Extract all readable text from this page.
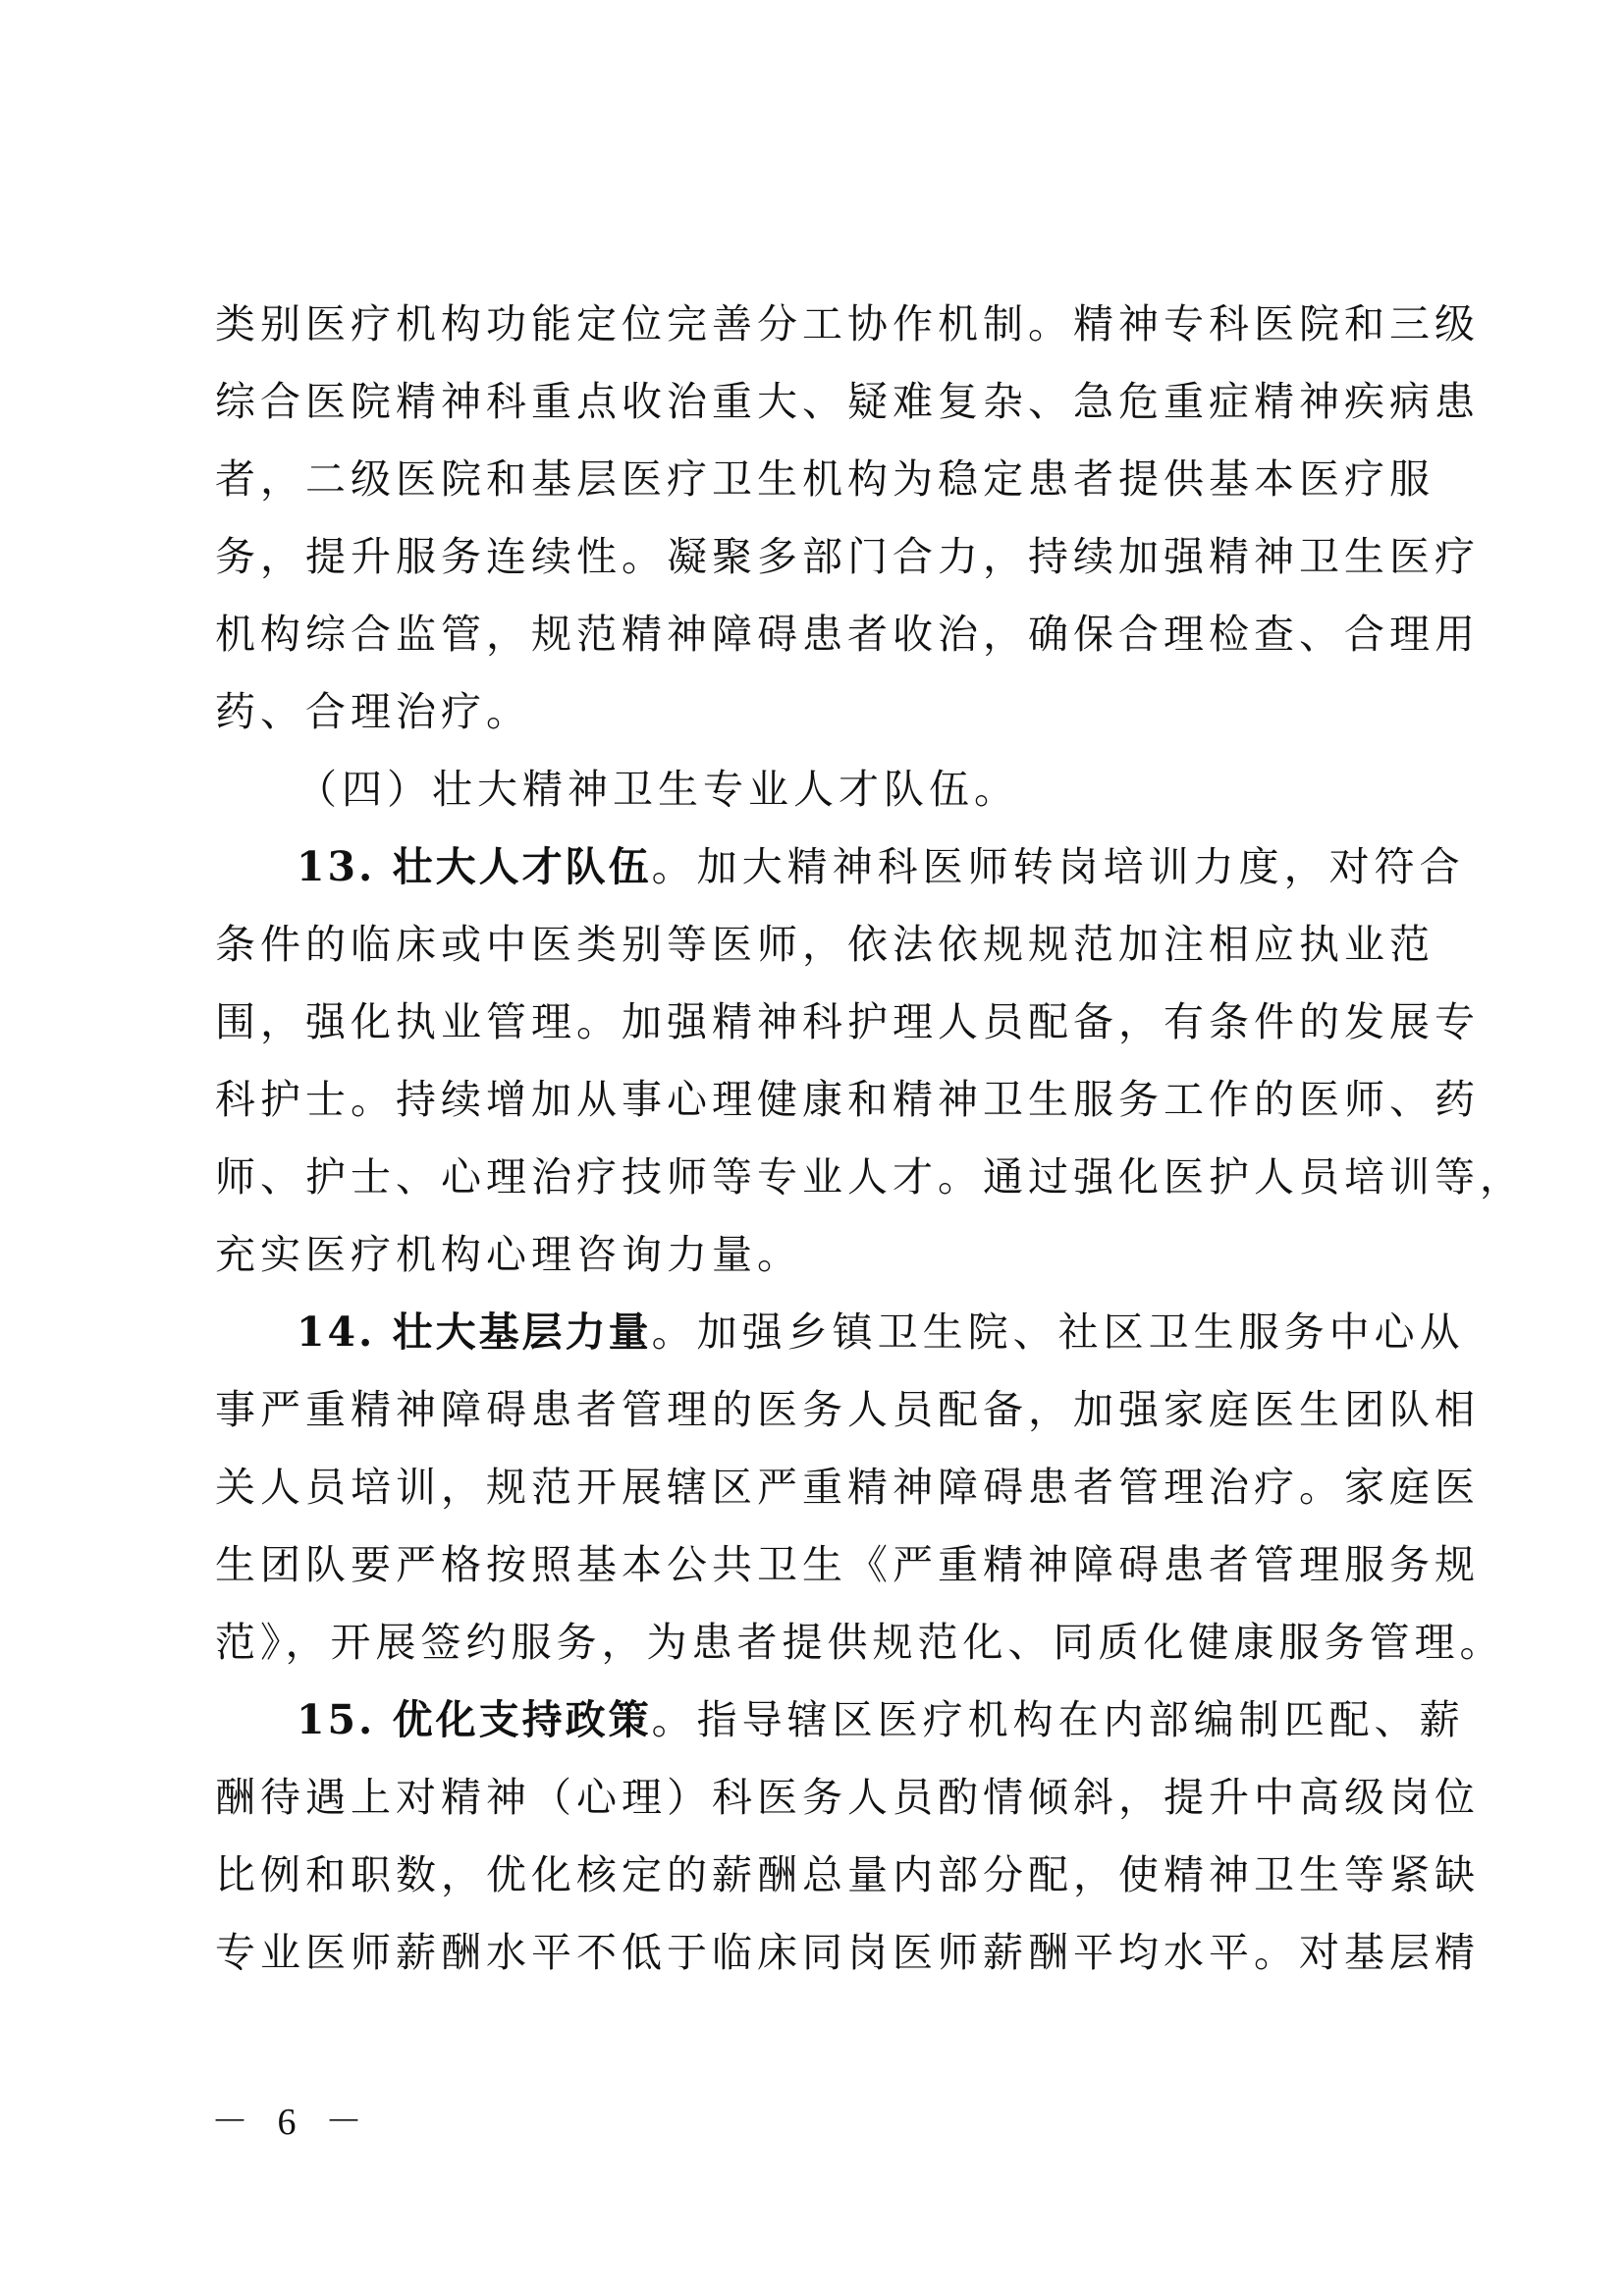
类别医疗机构功能定位完善分工协作机制。精神专科医院和三级
综合医院精神科重点收治重大、疑难复杂、急危重症精神疾病患
者，二级医院和基层医疗卫生机构为稳定患者提供基本医疗服
务，提升服务连续性。凝聚多部门合力，持续加强精神卫生医疗
机构综合监管，规范精神障碍患者收治，确保合理检查、合理用
药、合理治疗。
（四）壮大精神卫生专业人才队伍。
13. 壮大人才队伍。加大精神科医师转岗培训力度，对符合
条件的临床或中医类别等医师，依法依规规范加注相应执业范
围，强化执业管理。加强精神科护理人员配备，有条件的发展专
科护士。持续增加从事心理健康和精神卫生服务工作的医师、药
师、护士、心理治疗技师等专业人才。通过强化医护人员培训等，
充实医疗机构心理咨询力量。
14. 壮大基层力量。加强乡镇卫生院、社区卫生服务中心从
事严重精神障碍患者管理的医务人员配备，加强家庭医生团队相
关人员培训，规范开展辖区严重精神障碍患者管理治疗。家庭医
生团队要严格按照基本公共卫生《严重精神障碍患者管理服务规
范》，开展签约服务，为患者提供规范化、同质化健康服务管理。
15. 优化支持政策。指导辖区医疗机构在内部编制匹配、薪
酬待遇上对精神（心理）科医务人员酌情倾斜，提升中高级岗位
比例和职数，优化核定的薪酬总量内部分配，使精神卫生等紧缺
专业医师薪酬水平不低于临床同岗医师薪酬平均水平。对基层精
－ 6 －
